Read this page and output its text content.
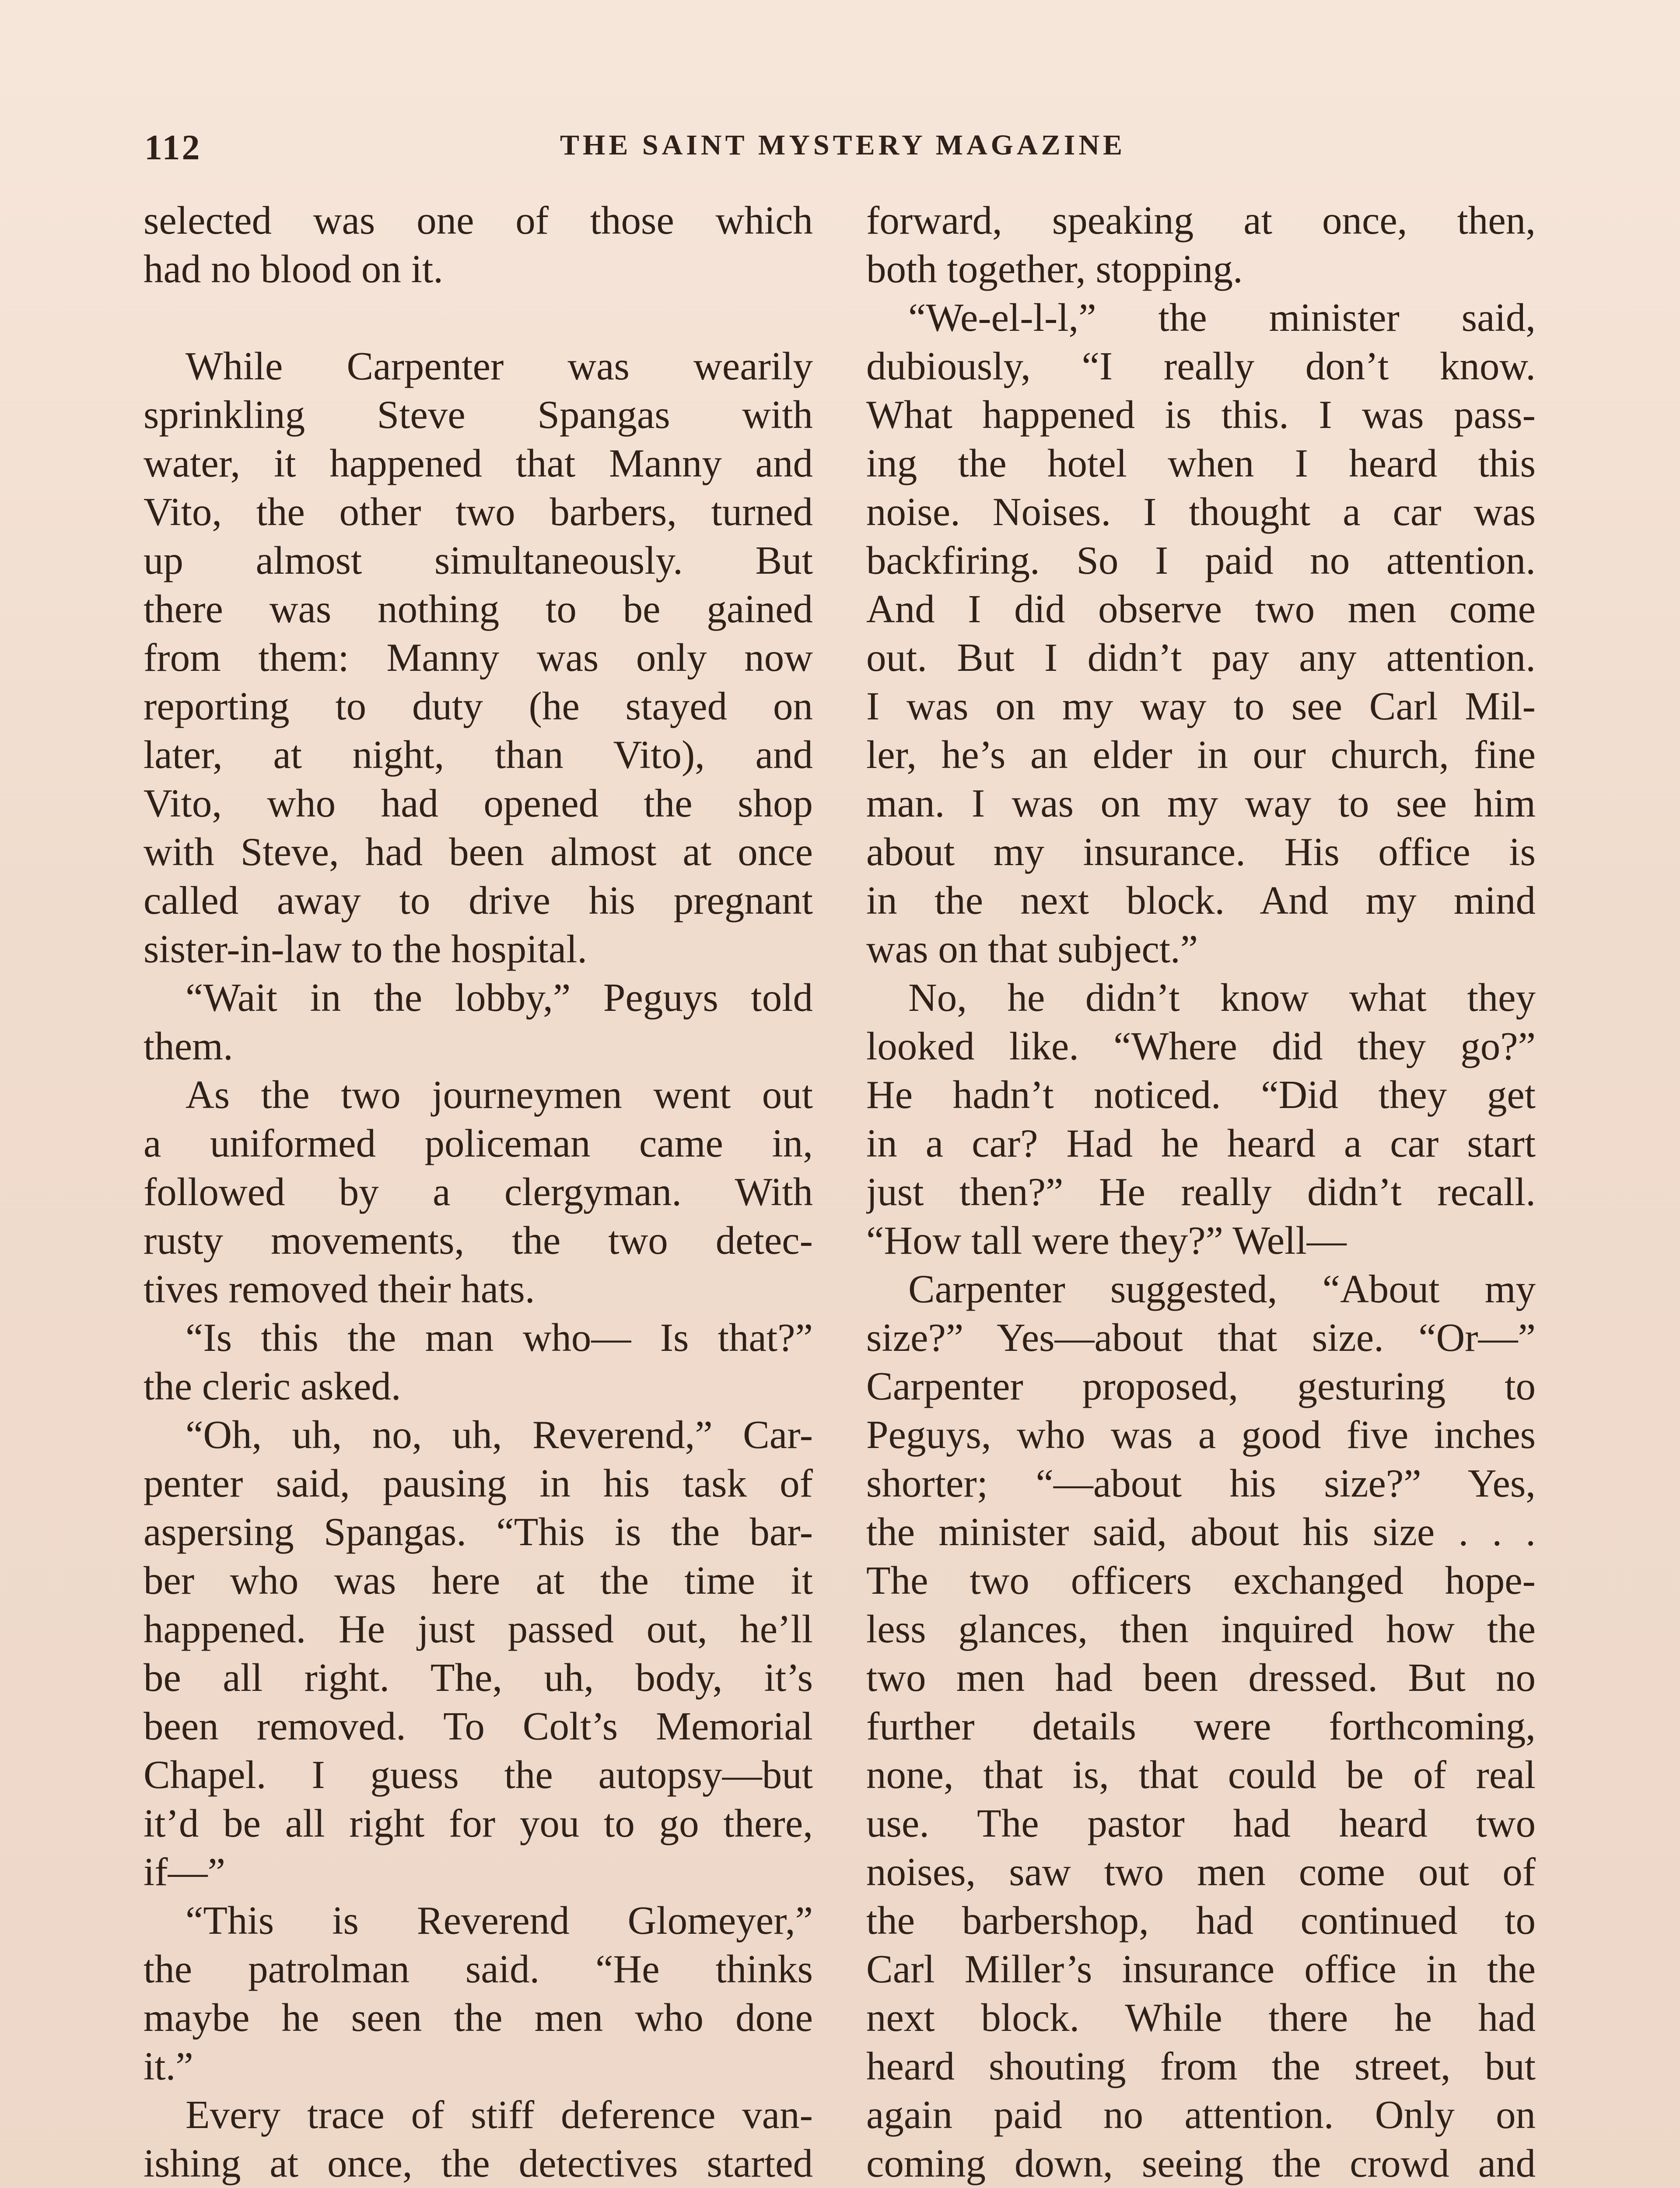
112	THE SAINT MYSTERY MAGAZINE
selected was one of those which
had no blood on it.
While Carpenter was wearily
sprinkling Steve Spangas with
water, it happened that Manny and
Vito, the other two barbers, turned
up almost simultaneously. But
there was nothing to be gained
from them: Manny was only now
reporting to duty (he stayed on
later, at night, than Vito), and
Vito, who had opened the shop
with Steve, had been almost at once
called away to drive his pregnant
sister-in-law to the hospital.
“Wait in the lobby,” Peguys told
them.
As the two journeymen went out
a uniformed policeman came in,
followed by a clergyman. With
rusty movements, the two detec-
tives removed their hats.
“Is this the man who— Is that?”
the cleric asked.
“Oh, uh, no, uh, Reverend,” Car-
penter said, pausing in his task of
aspersing Spangas. “This is the bar-
ber who was here at the time it
happened. He just passed out, he’ll
be all right. The, uh, body, it’s
been removed. To Colt’s Memorial
Chapel. I guess the autopsy—but
it’d be all right for you to go there,
if—”
“This is Reverend Glomeyer,”
the patrolman said. “He thinks
maybe he seen the men who done
it.”
Every trace of stiff deference van-
ishing at once, the detectives started
forward, speaking at once, then,
both together, stopping.
“We-el-l-l,” the minister said,
dubiously, “I really don’t know.
What happened is this. I was pass-
ing the hotel when I heard this
noise. Noises. I thought a car was
backfiring. So I paid no attention.
And I did observe two men come
out. But I didn’t pay any attention.
I was on my way to see Carl Mil-
ler, he’s an elder in our church, fine
man. I was on my way to see him
about my insurance. His office is
in the next block. And my mind
was on that subject.”
No, he didn’t know what they
looked like. “Where did they go?”
He hadn’t noticed. “Did they get
in a car? Had he heard a car start
just then?” He really didn’t recall.
“How tall were they?” Well—
Carpenter suggested, “About my
size?” Yes—about that size. “Or—”
Carpenter proposed, gesturing to
Peguys, who was a good five inches
shorter; “—about his size?” Yes,
the minister said, about his size . . .
The two officers exchanged hope-
less glances, then inquired how the
two men had been dressed. But no
further details were forthcoming,
none, that is, that could be of real
use. The pastor had heard two
noises, saw two men come out of
the barbershop, had continued to
Carl Miller’s insurance office in the
next block. While there he had
heard shouting from the street, but
again paid no attention. Only on
coming down, seeing the crowd and
